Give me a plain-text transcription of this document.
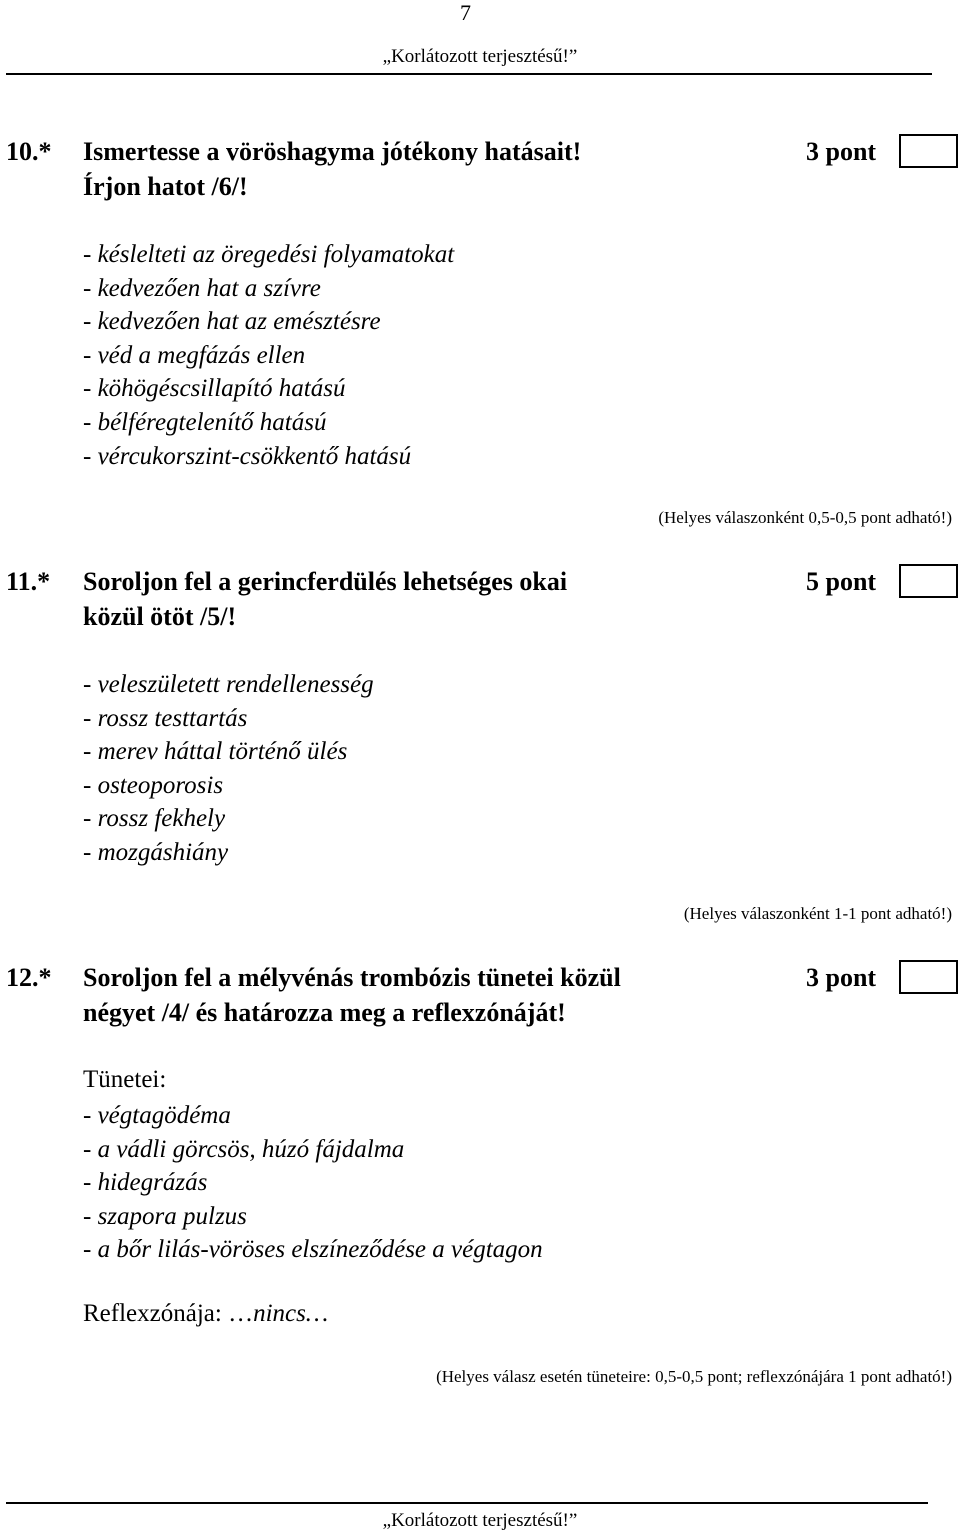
7
„Korlátozott terjesztésű!”
10.* Ismertesse a vöröshagyma jótékony hatásait!
Írjon hatot /6/!
3 pont
- késlelteti az öregedési folyamatokat
- kedvezően hat a szívre
- kedvezően hat az emésztésre
- véd a megfázás ellen
- köhögéscsillapító hatású
- bélféregtelenítő hatású
- vércukorszint-csökkentő hatású
(Helyes válaszonként 0,5-0,5 pont adható!)
11.* Soroljon fel a gerincferdülés lehetséges okai
közül ötöt /5/!
5 pont
- veleszületett rendellenesség
- rossz testtartás
- merev háttal történő ülés
- osteoporosis
- rossz fekhely
- mozgáshiány
(Helyes válaszonként 1-1 pont adható!)
12.* Soroljon fel a mélyvénás trombózis tünetei közül
négyet /4/ és határozza meg a reflexzónáját!
3 pont
Tünetei:
- végtagödéma
- a vádli görcsös, húzó fájdalma
- hidegrázás
- szapora pulzus
- a bőr lilás-vöröses elszíneződése a végtagon
Reflexzónája: …nincs…
(Helyes válasz esetén tüneteire: 0,5-0,5 pont; reflexzónájára 1 pont adható!)
„Korlátozott terjesztésű!”
